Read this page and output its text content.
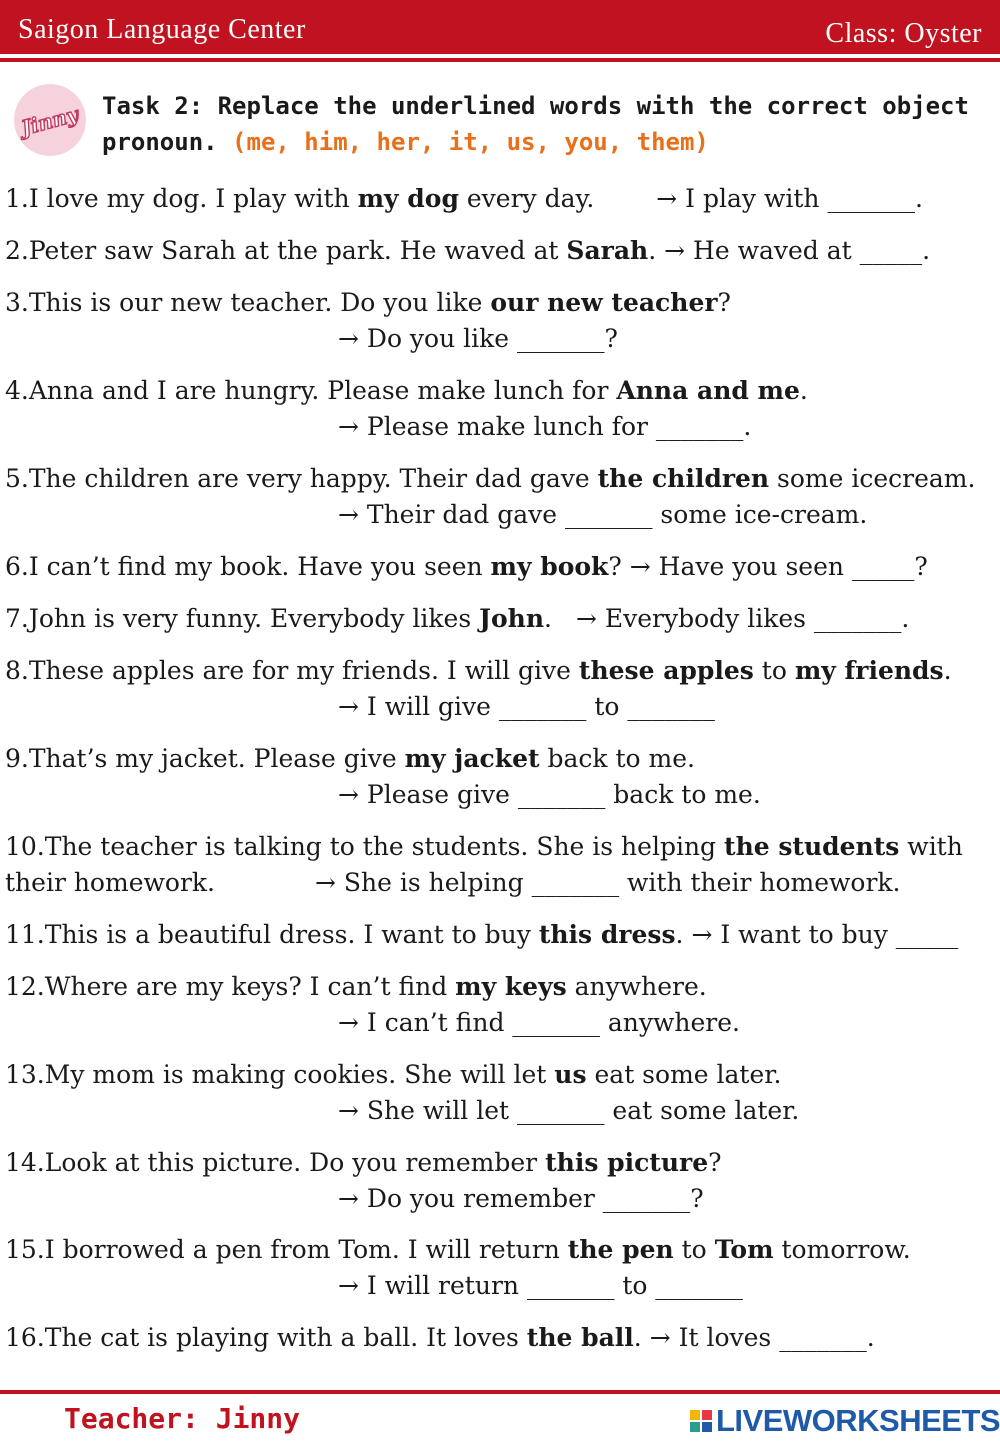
Saigon Language Center	Class: Oyster
Jinny Task 2: Replace the underlined words with the correct object pronoun. (me, him, her, it, us, you, them)
1.I love my dog. I play with my dog every day. → I play with _______.
2.Peter saw Sarah at the park. He waved at Sarah. → He waved at _____.
3.This is our new teacher. Do you like our new teacher?
→ Do you like _______?
4.Anna and I are hungry. Please make lunch for Anna and me.
→ Please make lunch for _______.
5.The children are very happy. Their dad gave the children some icecream.
→ Their dad gave _______ some ice-cream.
6.I can’t find my book. Have you seen my book? → Have you seen _____?
7.John is very funny. Everybody likes John. → Everybody likes _______.
8.These apples are for my friends. I will give these apples to my friends.
→ I will give _______ to _______
9.That’s my jacket. Please give my jacket back to me.
→ Please give _______ back to me.
10.The teacher is talking to the students. She is helping the students with their homework.	→ She is helping _______ with their homework.
11.This is a beautiful dress. I want to buy this dress. → I want to buy _____
12.Where are my keys? I can’t find my keys anywhere.
→ I can’t find _______ anywhere.
13.My mom is making cookies. She will let us eat some later.
→ She will let _______ eat some later.
14.Look at this picture. Do you remember this picture?
→ Do you remember _______?
15.I borrowed a pen from Tom. I will return the pen to Tom tomorrow.
→ I will return _______ to _______
16.The cat is playing with a ball. It loves the ball. → It loves _______.
Teacher: Jinny	LIVEWORKSHEETS
